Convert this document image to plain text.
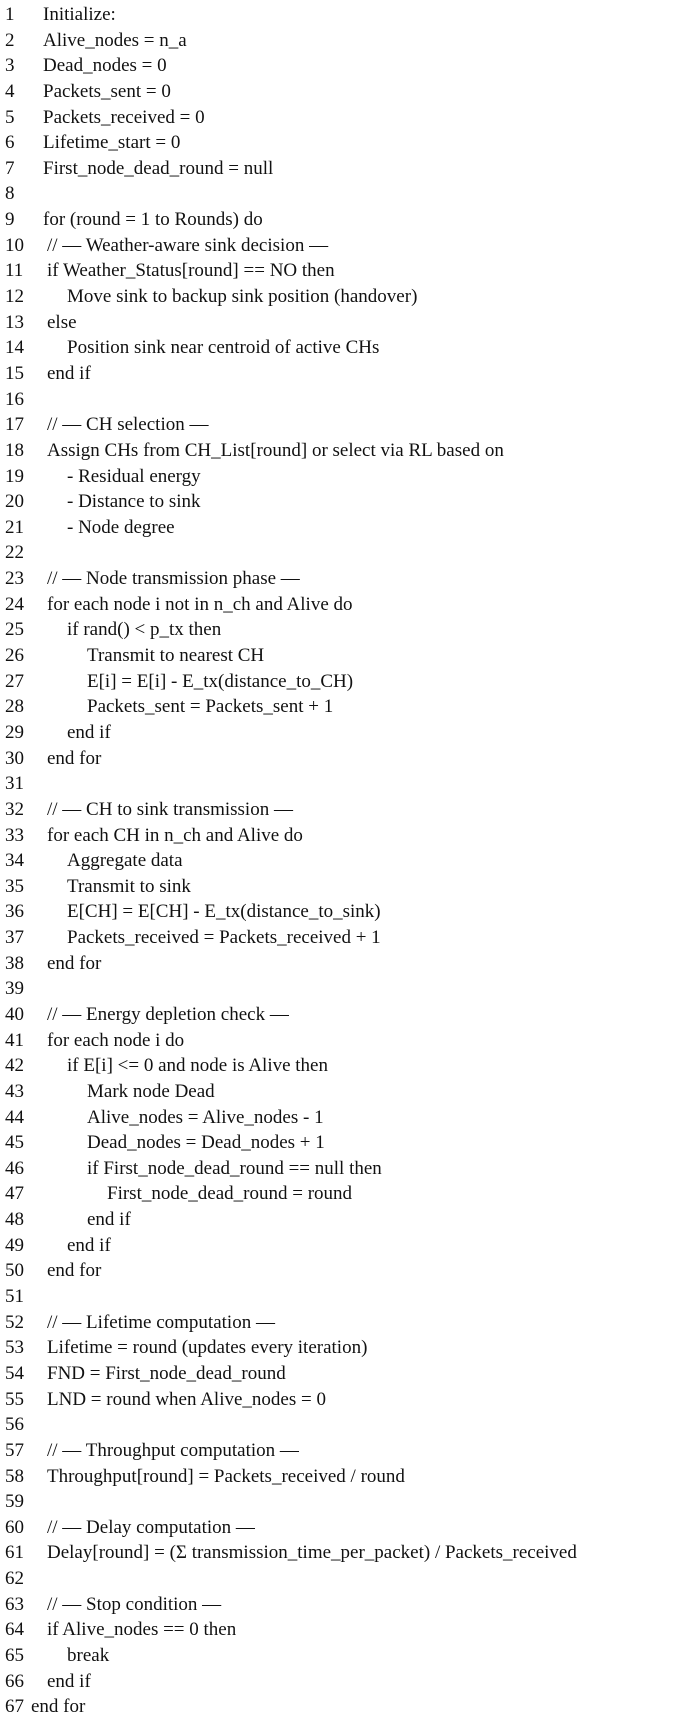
1	Initialize:
2	Alive_nodes = n_a
3	Dead_nodes = 0
4	Packets_sent = 0
5	Packets_received = 0
6	Lifetime_start = 0
7	First_node_dead_round = null
8
9	for (round = 1 to Rounds) do
10	// — Weather-aware sink decision —
11	if Weather_Status[round] == NO then
12	Move sink to backup sink position (handover)
13	else
14	Position sink near centroid of active CHs
15	end if
16
17	// — CH selection —
18	Assign CHs from CH_List[round] or select via RL based on
19	- Residual energy
20	- Distance to sink
21	- Node degree
22
23	// — Node transmission phase —
24	for each node i not in n_ch and Alive do
25	if rand() < p_tx then
26	Transmit to nearest CH
27	E[i] = E[i] - E_tx(distance_to_CH)
28	Packets_sent = Packets_sent + 1
29	end if
30	end for
31
32	// — CH to sink transmission —
33	for each CH in n_ch and Alive do
34	Aggregate data
35	Transmit to sink
36	E[CH] = E[CH] - E_tx(distance_to_sink)
37	Packets_received = Packets_received + 1
38	end for
39
40	// — Energy depletion check —
41	for each node i do
42	if E[i] <= 0 and node is Alive then
43	Mark node Dead
44	Alive_nodes = Alive_nodes - 1
45	Dead_nodes = Dead_nodes + 1
46	if First_node_dead_round == null then
47	First_node_dead_round = round
48	end if
49	end if
50	end for
51
52	// — Lifetime computation —
53	Lifetime = round (updates every iteration)
54	FND = First_node_dead_round
55	LND = round when Alive_nodes = 0
56
57	// — Throughput computation —
58	Throughput[round] = Packets_received / round
59
60	// — Delay computation —
61	Delay[round] = (Σ transmission_time_per_packet) / Packets_received
62
63	// — Stop condition —
64	if Alive_nodes == 0 then
65	break
66	end if
67 end for
